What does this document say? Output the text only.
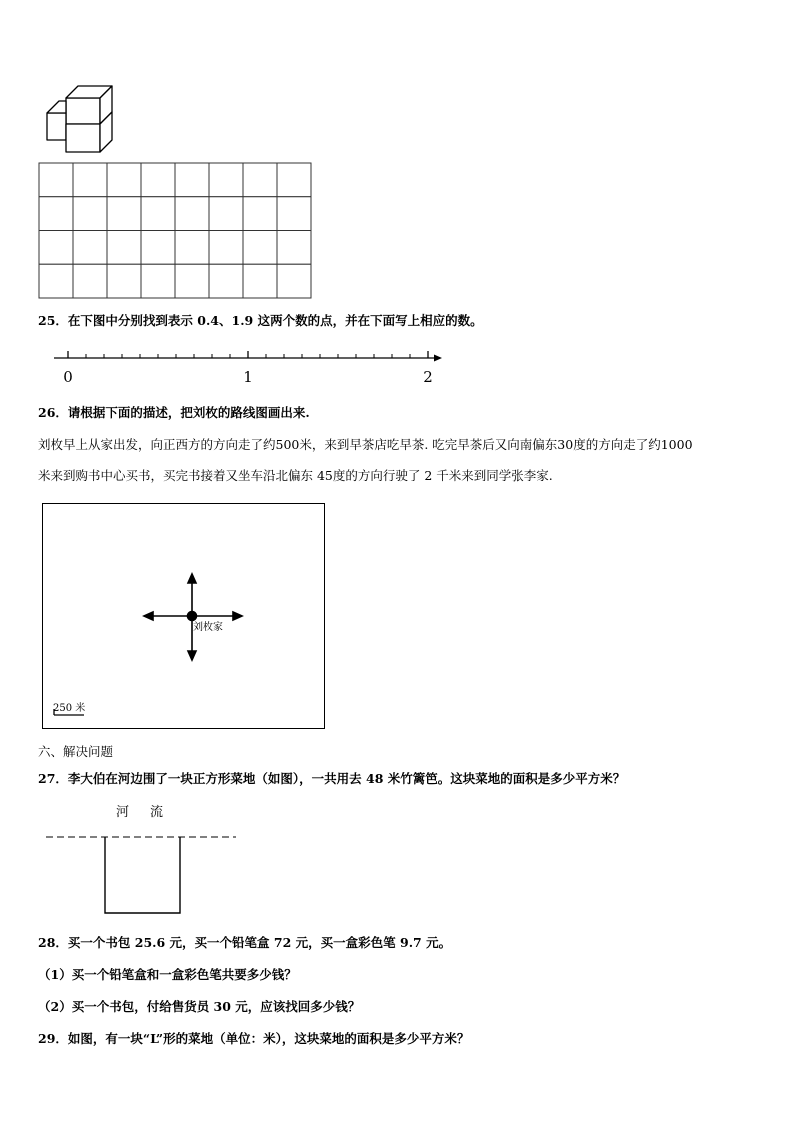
25．在下图中分别找到表示 0.4、1.9 这两个数的点，并在下面写上相应的数。
0	1	2
26．请根据下面的描述，把刘枚的路线图画出来.
刘枚早上从家出发，向正西方的方向走了约500米，来到早茶店吃早茶. 吃完早茶后又向南偏东30度的方向走了约1000
米来到购书中心买书，买完书接着又坐车沿北偏东 45度的方向行驶了 2 千米来到同学张李家.
刘枚家
250 米
六、解决问题
27．李大伯在河边围了一块正方形菜地（如图），一共用去 48 米竹篱笆。这块菜地的面积是多少平方米？
河 流
28．买一个书包 25.6 元，买一个铅笔盒 72 元，买一盒彩色笔 9.7 元。
（1）买一个铅笔盒和一盒彩色笔共要多少钱？
（2）买一个书包，付给售货员 30 元，应该找回多少钱？
29．如图，有一块“L”形的菜地（单位：米），这块菜地的面积是多少平方米？
